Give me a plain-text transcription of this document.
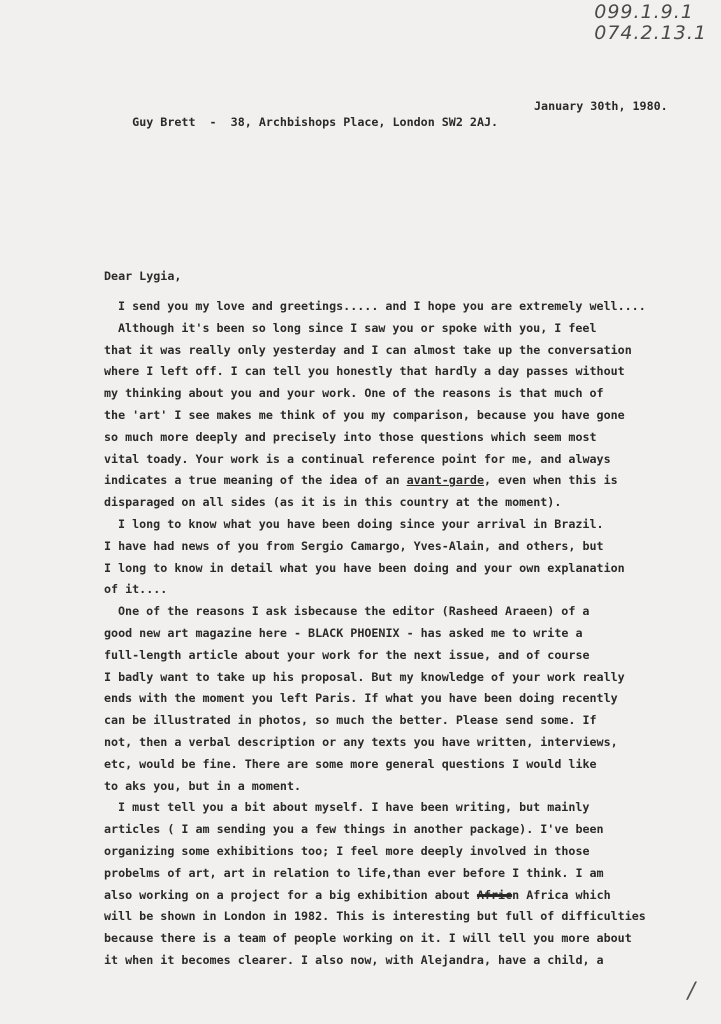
099.1.9.1
074.2.13.1

Guy Brett  -  38, Archbishops Place, London SW2 2AJ.

January 30th, 1980.

Dear Lygia,
I send you my love and greetings..... and I hope you are extremely well....
Although it's been so long since I saw you or spoke with you, I feel
that it was really only yesterday and I can almost take up the conversation
where I left off. I can tell you honestly that hardly a day passes without
my thinking about you and your work. One of the reasons is that much of
the 'art' I see makes me think of you my comparison, because you have gone
so much more deeply and precisely into those questions which seem most
vital toady. Your work is a continual reference point for me, and always
indicates a true meaning of the idea of an avant-garde, even when this is
disparaged on all sides (as it is in this country at the moment).
I long to know what you have been doing since your arrival in Brazil.
I have had news of you from Sergio Camargo, Yves-Alain, and others, but
I long to know in detail what you have been doing and your own explanation
of it....
One of the reasons I ask isbecause the editor (Rasheed Araeen) of a
good new art magazine here - BLACK PHOENIX - has asked me to write a
full-length article about your work for the next issue, and of course
I badly want to take up his proposal. But my knowledge of your work really
ends with the moment you left Paris. If what you have been doing recently
can be illustrated in photos, so much the better. Please send some. If
not, then a verbal description or any texts you have written, interviews,
etc, would be fine. There are some more general questions I would like
to aks you, but in a moment.
I must tell you a bit about myself. I have been writing, but mainly
articles ( I am sending you a few things in another package). I've been
organizing some exhibitions too; I feel more deeply involved in those
probelms of art, art in relation to life,than ever before I think. I am
also working on a project for a big exhibition about Africn Africa which
will be shown in London in 1982. This is interesting but full of difficulties
because there is a team of people working on it. I will tell you more about
it when it becomes clearer. I also now, with Alejandra, have a child, a
/
